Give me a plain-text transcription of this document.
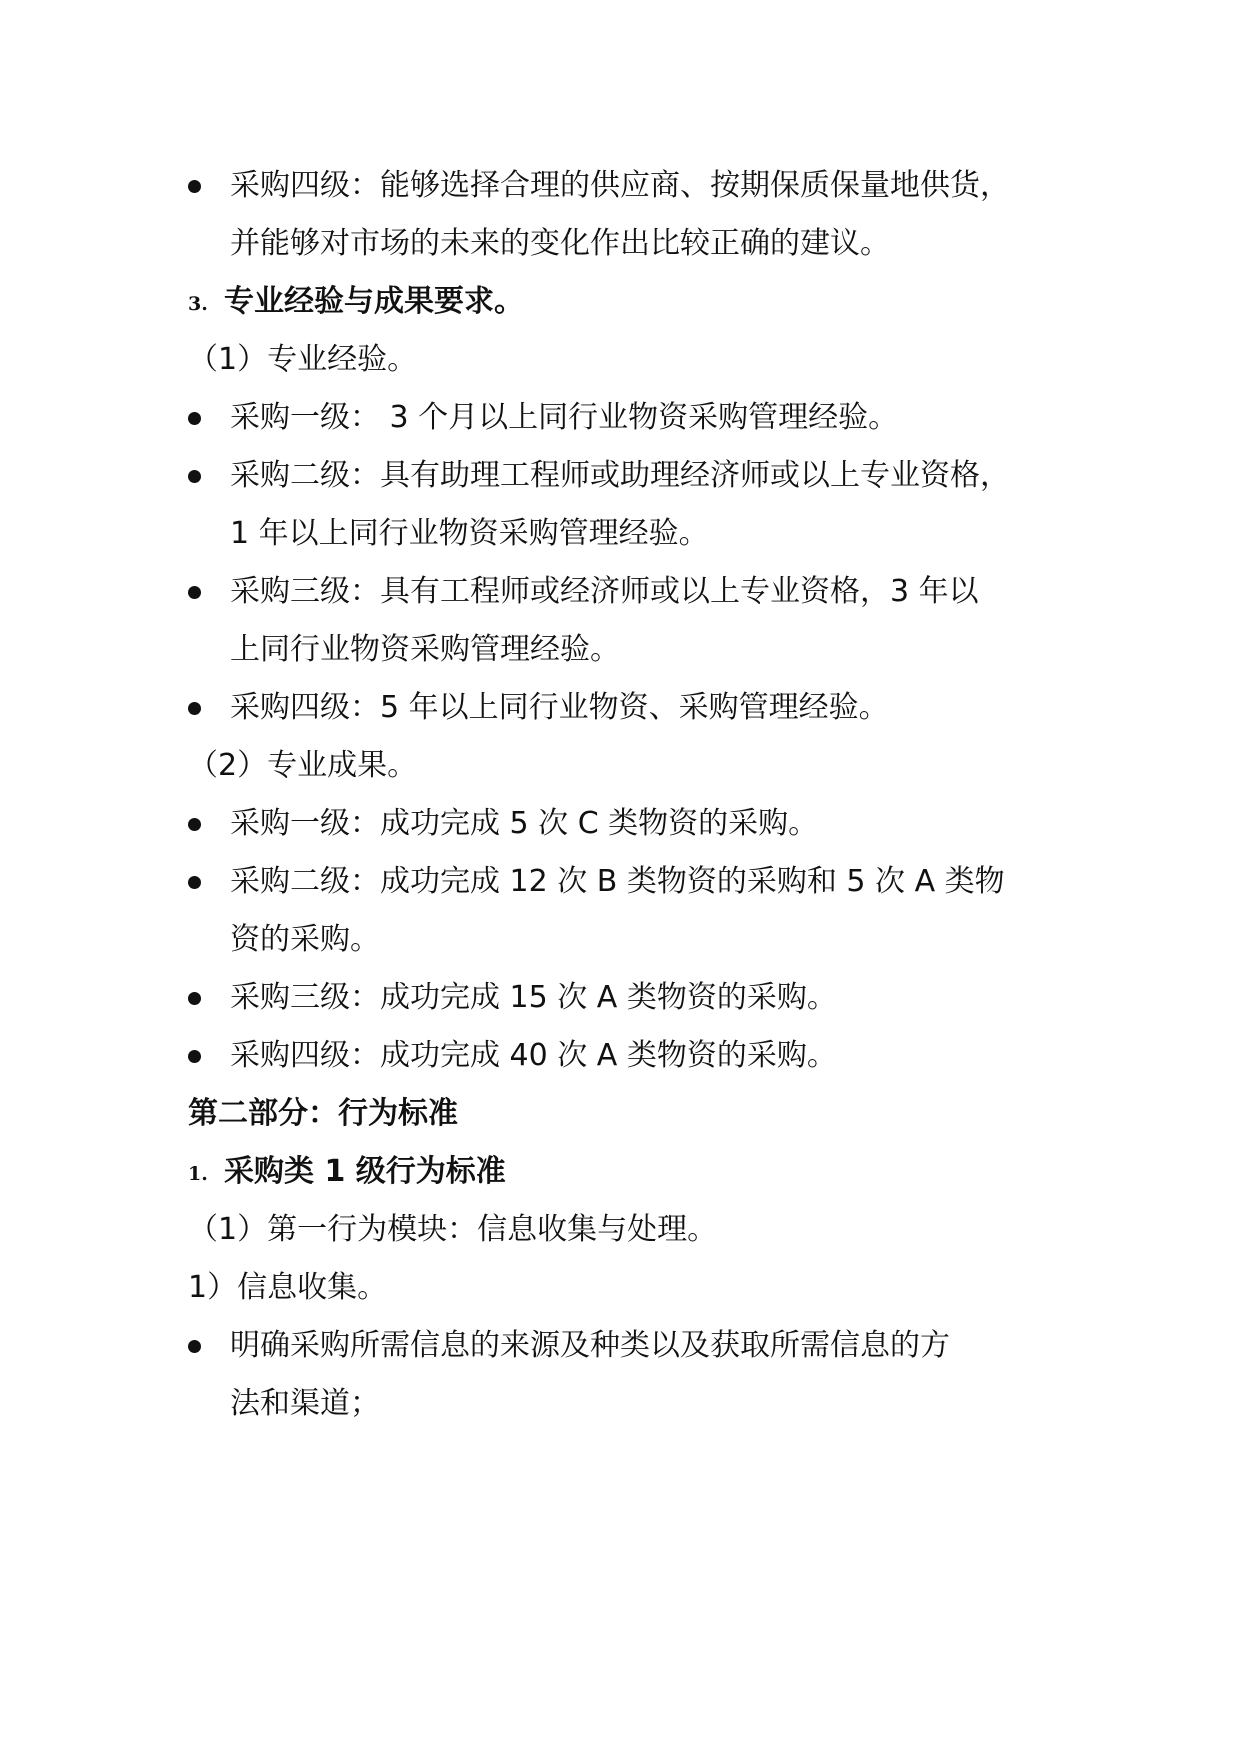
采购四级：能够选择合理的供应商、按期保质保量地供货，
并能够对市场的未来的变化作出比较正确的建议。
3. 专业经验与成果要求。
（1）专业经验。
采购一级： 3 个月以上同行业物资采购管理经验。
采购二级：具有助理工程师或助理经济师或以上专业资格，
1 年以上同行业物资采购管理经验。
采购三级：具有工程师或经济师或以上专业资格，3 年以
上同行业物资采购管理经验。
采购四级：5 年以上同行业物资、采购管理经验。
（2）专业成果。
采购一级：成功完成 5 次 C 类物资的采购。
采购二级：成功完成 12 次 B 类物资的采购和 5 次 A 类物
资的采购。
采购三级：成功完成 15 次 A 类物资的采购。
采购四级：成功完成 40 次 A 类物资的采购。
第二部分：行为标准
1. 采购类 1 级行为标准
（1）第一行为模块：信息收集与处理。
1）信息收集。
明确采购所需信息的来源及种类以及获取所需信息的方
法和渠道；
